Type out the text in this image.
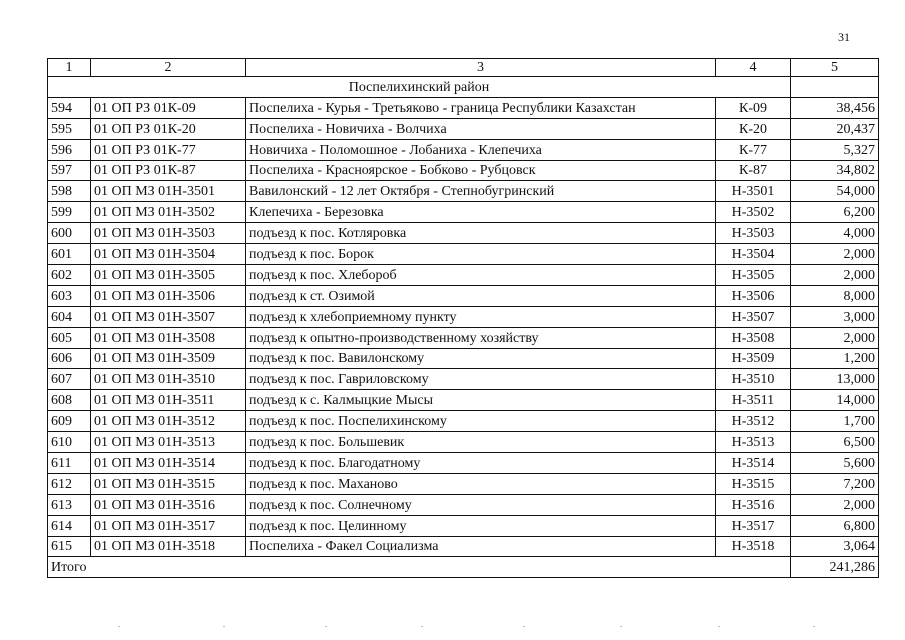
31
1	2	3	4	5
Поспелихинский район				
594	01 ОП РЗ 01К-09	Поспелиха - Курья - Третьяково - граница Республики Казахстан	К-09	38,456
595	01 ОП РЗ 01К-20	Поспелиха - Новичиха - Волчиха	К-20	20,437
596	01 ОП РЗ 01К-77	Новичиха - Поломошное - Лобаниха - Клепечиха	К-77	5,327
597	01 ОП РЗ 01К-87	Поспелиха - Красноярское - Бобково - Рубцовск	К-87	34,802
598	01 ОП МЗ 01Н-3501	Вавилонский - 12 лет Октября - Степнобугринский	Н-3501	54,000
599	01 ОП МЗ 01Н-3502	Клепечиха - Березовка	Н-3502	6,200
600	01 ОП МЗ 01Н-3503	подъезд к пос. Котляровка	Н-3503	4,000
601	01 ОП МЗ 01Н-3504	подъезд к пос. Борок	Н-3504	2,000
602	01 ОП МЗ 01Н-3505	подъезд к пос. Хлебороб	Н-3505	2,000
603	01 ОП МЗ 01Н-3506	подъезд к ст. Озимой	Н-3506	8,000
604	01 ОП МЗ 01Н-3507	подъезд к хлебоприемному пункту	Н-3507	3,000
605	01 ОП МЗ 01Н-3508	подъезд к опытно-производственному хозяйству	Н-3508	2,000
606	01 ОП МЗ 01Н-3509	подъезд к пос. Вавилонскому	Н-3509	1,200
607	01 ОП МЗ 01Н-3510	подъезд к пос. Гавриловскому	Н-3510	13,000
608	01 ОП МЗ 01Н-3511	подъезд к с. Калмыцкие Мысы	Н-3511	14,000
609	01 ОП МЗ 01Н-3512	подъезд к пос. Поспелихинскому	Н-3512	1,700
610	01 ОП МЗ 01Н-3513	подъезд к пос. Большевик	Н-3513	6,500
611	01 ОП МЗ 01Н-3514	подъезд к пос. Благодатному	Н-3514	5,600
612	01 ОП МЗ 01Н-3515	подъезд к пос. Маханово	Н-3515	7,200
613	01 ОП МЗ 01Н-3516	подъезд к пос. Солнечному	Н-3516	2,000
614	01 ОП МЗ 01Н-3517	подъезд к пос. Целинному	Н-3517	6,800
615	01 ОП МЗ 01Н-3518	Поспелиха - Факел Социализма	Н-3518	3,064
Итого				241,286
